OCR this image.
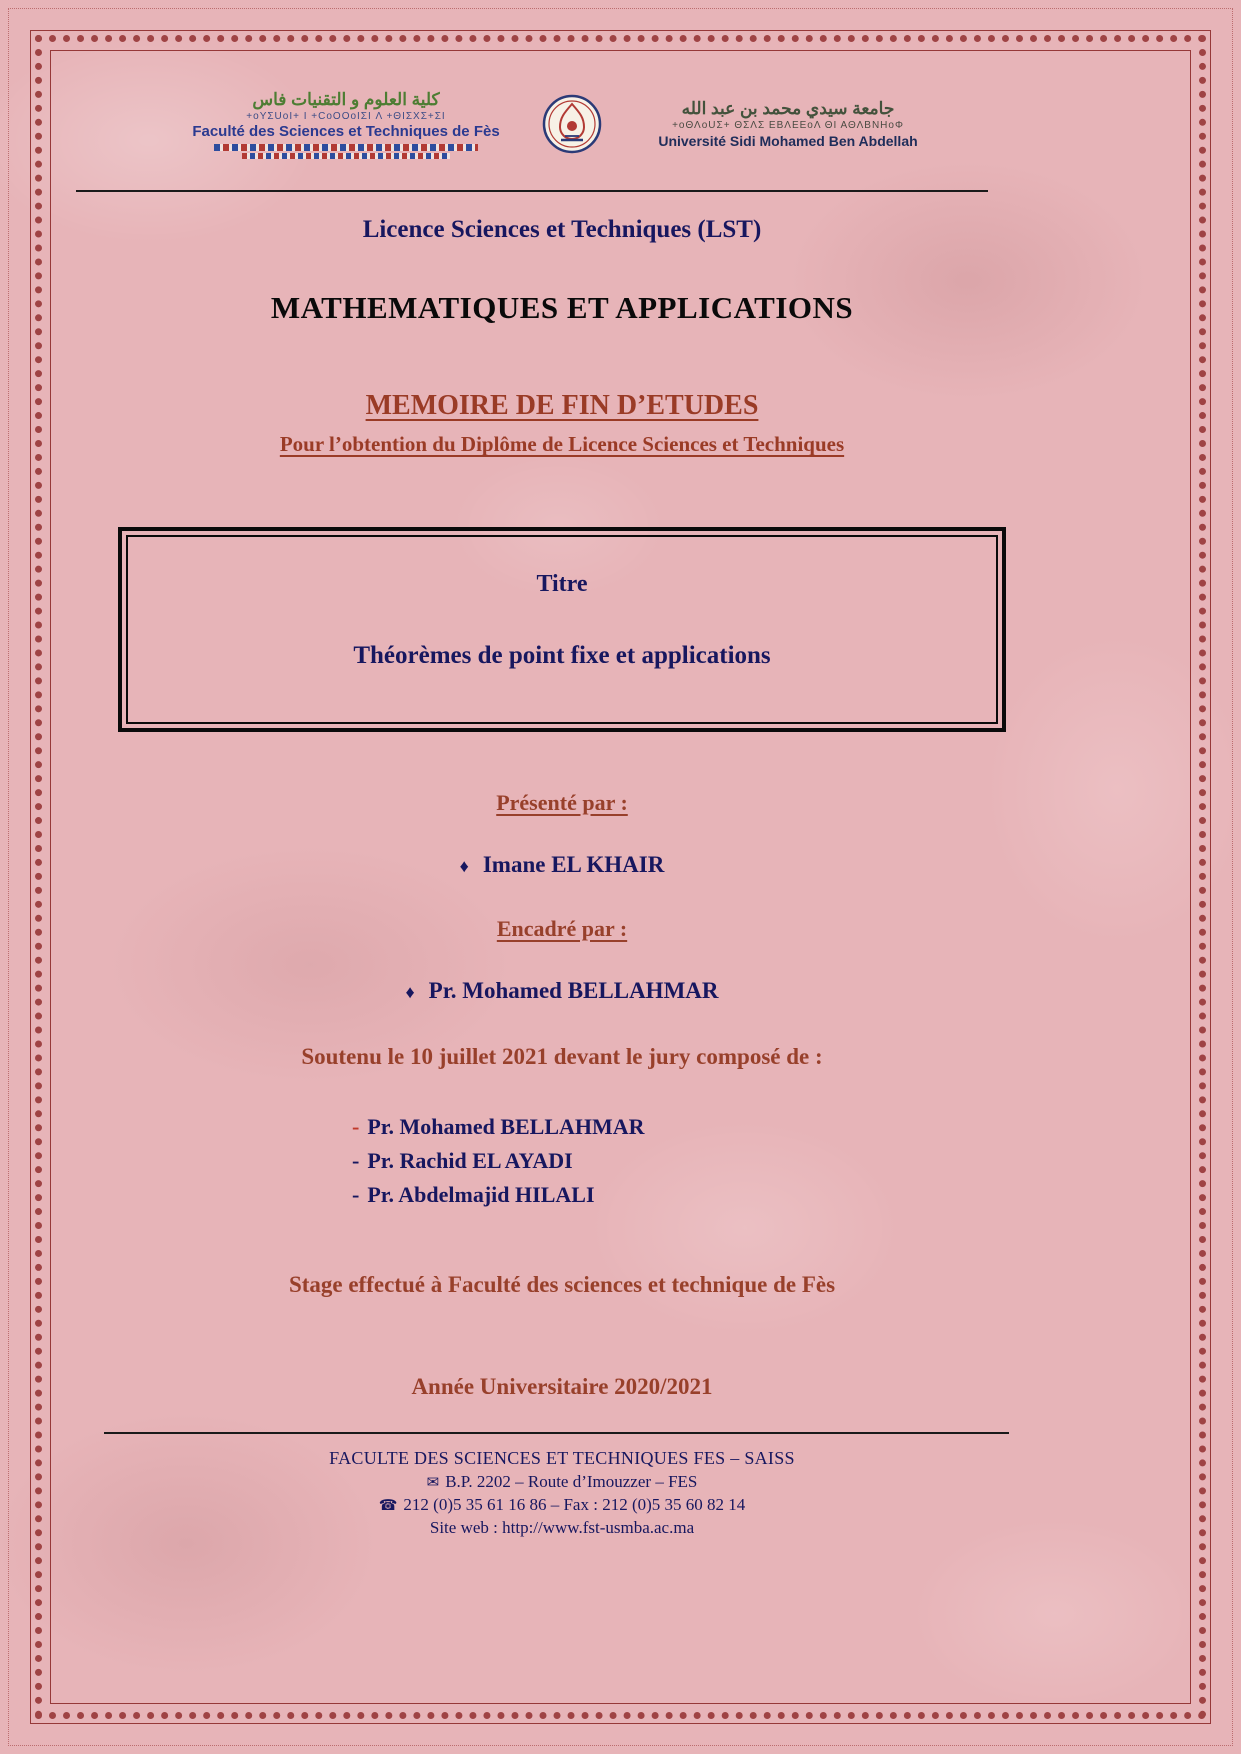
كلية العلوم و التقنيات فاس
+oYΣUoI+ I +CoOOoIΣI Λ +ΘIΣXΣ+ΣI
Faculté des Sciences et Techniques de Fès
جامعة سيدي محمد بن عبد الله
+oΘΛoUΣ+ ΘΣΛΣ ΕΒΛΕΕoΛ ΘΙ ΑΘΛΒΝΗoΦ
Université Sidi Mohamed Ben Abdellah
Licence Sciences et Techniques (LST)
MATHEMATIQUES ET APPLICATIONS
MEMOIRE DE FIN D’ETUDES
Pour l’obtention du Diplôme de Licence Sciences et Techniques
Titre
Théorèmes de point fixe et applications
Présenté par :
♦ Imane EL KHAIR
Encadré par :
♦ Pr. Mohamed BELLAHMAR
Soutenu le 10 juillet 2021 devant le jury composé de :
- Pr. Mohamed BELLAHMAR
- Pr. Rachid EL AYADI
- Pr. Abdelmajid HILALI
Stage effectué à Faculté des sciences et technique de Fès
Année Universitaire 2020/2021
FACULTE DES SCIENCES ET TECHNIQUES FES – SAISS
✉ B.P. 2202 – Route d’Imouzzer – FES
☎ 212 (0)5 35 61 16 86 – Fax : 212 (0)5 35 60 82 14
Site web : http://www.fst-usmba.ac.ma
